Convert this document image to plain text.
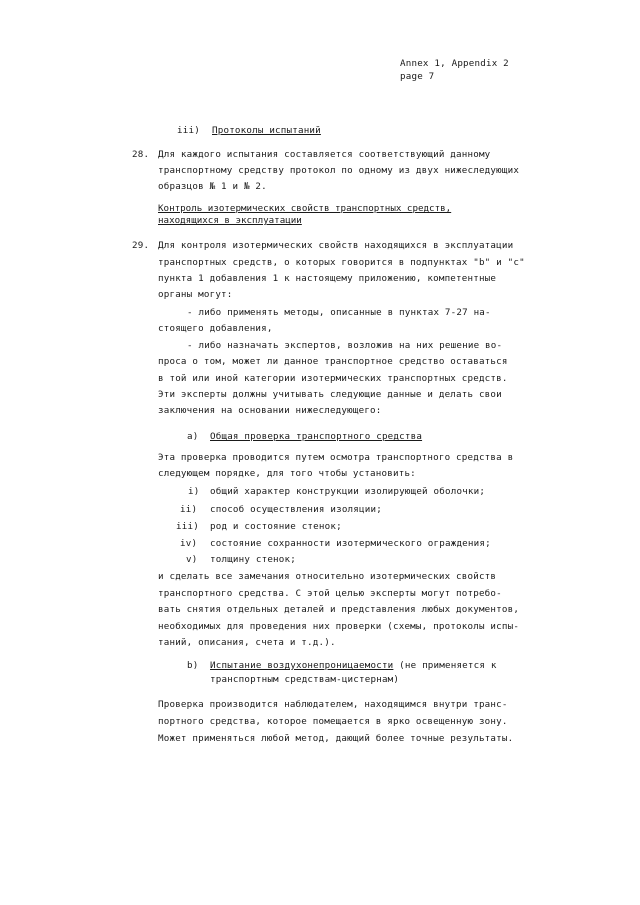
Annex 1, Appendix 2
page 7
iii) Протоколы испытаний
28. Для каждого испытания составляется соответствующий данному
транспортному средству протокол по одному из двух нижеследующих
образцов № 1 и № 2.
Контроль изотермических свойств транспортных средств,
находящихся в эксплуатации
29. Для контроля изотермических свойств находящихся в эксплуатации
транспортных средств, о которых говорится в подпунктах "b" и "c"
пункта 1 добавления 1 к настоящему приложению, компетентные
органы могут:
- либо применять методы, описанные в пунктах 7-27 на-
стоящего добавления,
- либо назначать экспертов, возложив на них решение во-
проса о том, может ли данное транспортное средство оставаться
в той или иной категории изотермических транспортных средств.
Эти эксперты должны учитывать следующие данные и делать свои
заключения на основании нижеследующего:
a) Общая проверка транспортного средства
Эта проверка проводится путем осмотра транспортного средства в
следующем порядке, для того чтобы установить:
i) общий характер конструкции изолирующей оболочки;
ii) способ осуществления изоляции;
iii) род и состояние стенок;
iv) состояние сохранности изотермического ограждения;
v) толщину стенок;
и сделать все замечания относительно изотермических свойств
транспортного средства. С этой целью эксперты могут потребо-
вать снятия отдельных деталей и представления любых документов,
необходимых для проведения них проверки (схемы, протоколы испы-
таний, описания, счета и т.д.).
b) Испытание воздухонепроницаемости (не применяется к
транспортным средствам-цистернам)
Проверка производится наблюдателем, находящимся внутри транс-
портного средства, которое помещается в ярко освещенную зону.
Может применяться любой метод, дающий более точные результаты.
